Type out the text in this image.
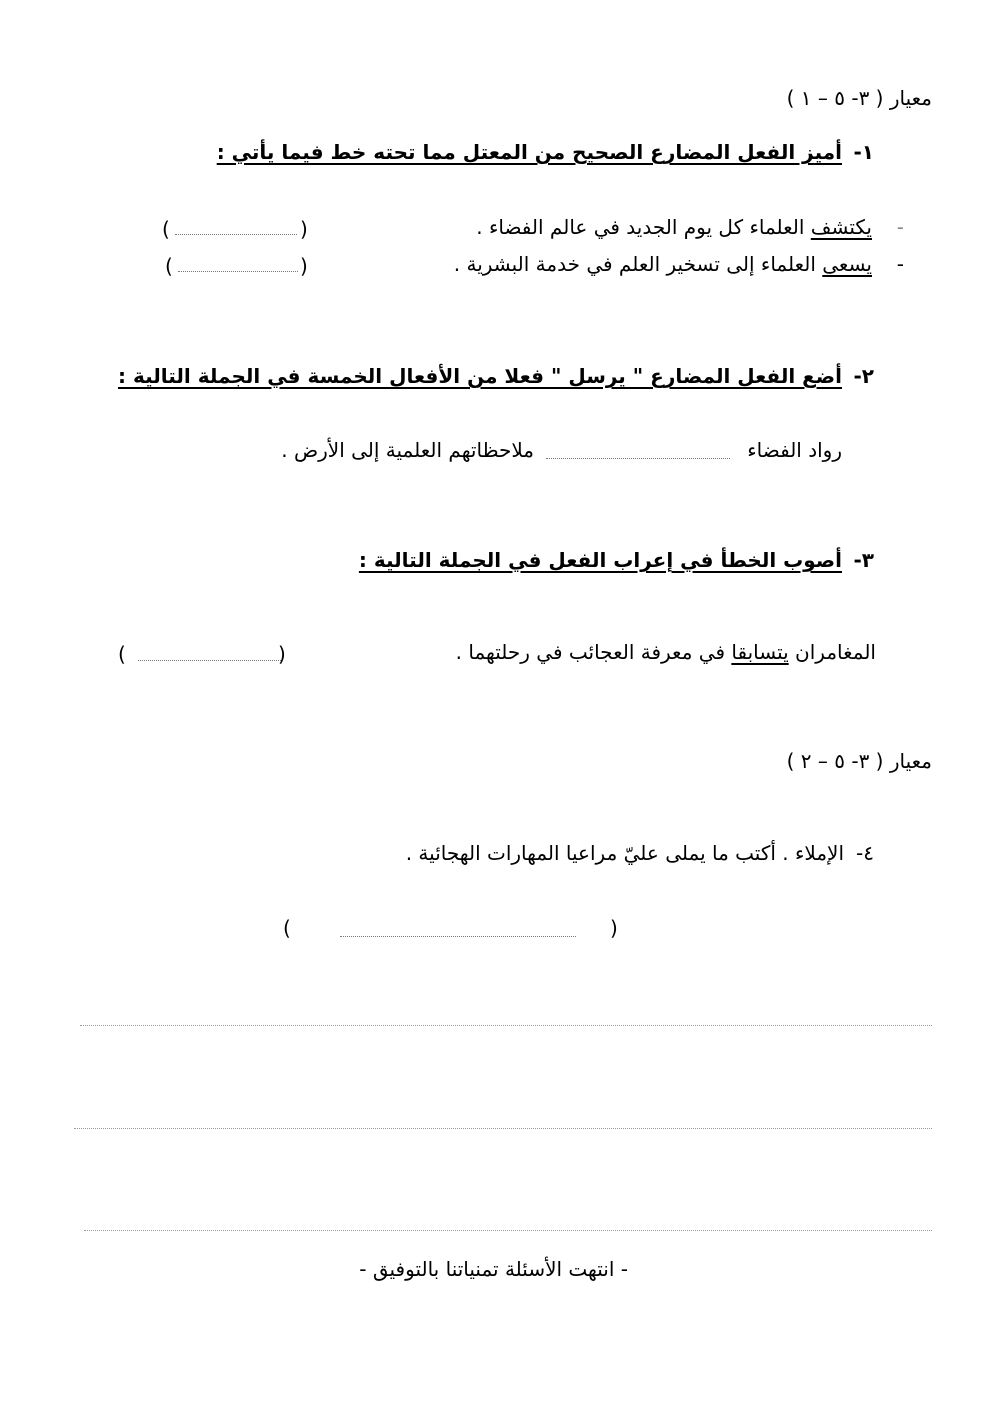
معيار ( ٣- ٥ – ١ )
١-
أميز الفعل المضارع الصحيح من المعتل مما تحته خط فيما يأتي :
-
يكتشف العلماء كل يوم الجديد في عالم الفضاء .
(
)
-
يسعى العلماء إلى تسخير العلم في خدمة البشرية .
(
)
٢-
أضع الفعل المضارع " يرسل " فعلا من الأفعال الخمسة في الجملة التالية :
رواد الفضاء
ملاحظاتهم العلمية إلى الأرض .
٣-
أصوب الخطأ في إعراب الفعل في الجملة التالية :
المغامران يتسابقا في معرفة العجائب في رحلتهما .
(
)
معيار ( ٣- ٥ – ٢ )
٤-
الإملاء . أكتب ما يملى عليّ مراعيا المهارات الهجائية .
(
)
- انتهت الأسئلة تمنياتنا بالتوفيق -
